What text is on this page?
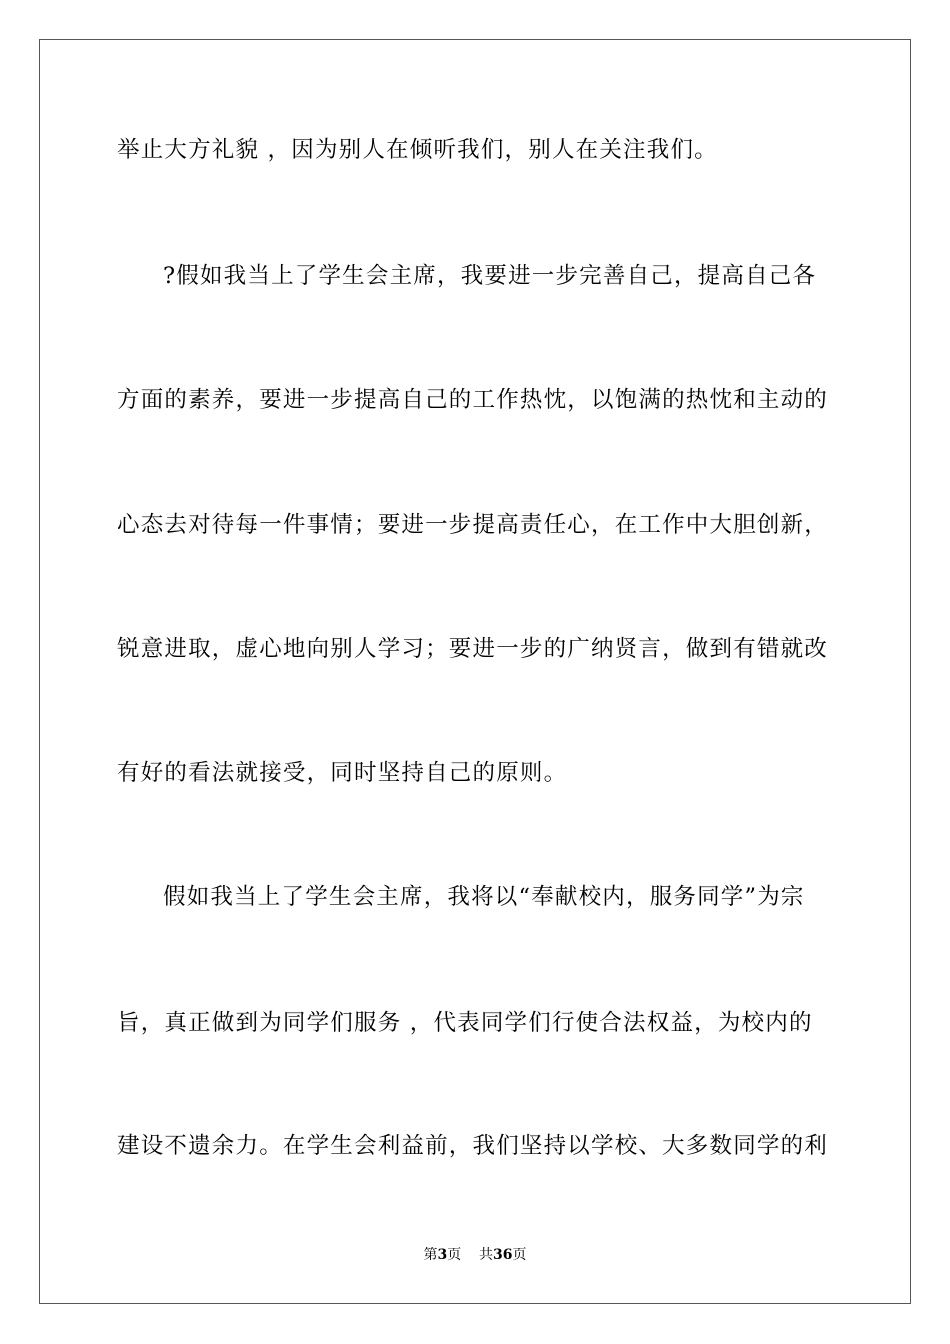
举止大方礼貌 ，因为别人在倾听我们，别人在关注我们。
?假如我当上了学生会主席，我要进一步完善自己，提高自己各
方面的素养，要进一步提高自己的工作热忱，以饱满的热忱和主动的
心态去对待每一件事情；要进一步提高责任心，在工作中大胆创新，
锐意进取，虚心地向别人学习；要进一步的广纳贤言，做到有错就改
有好的看法就接受，同时坚持自己的原则。
假如我当上了学生会主席，我将以“奉献校内，服务同学”为宗
旨，真正做到为同学们服务 ，代表同学们行使合法权益，为校内的
建设不遗余力。在学生会利益前，我们坚持以学校、大多数同学的利
第3页 共36页
